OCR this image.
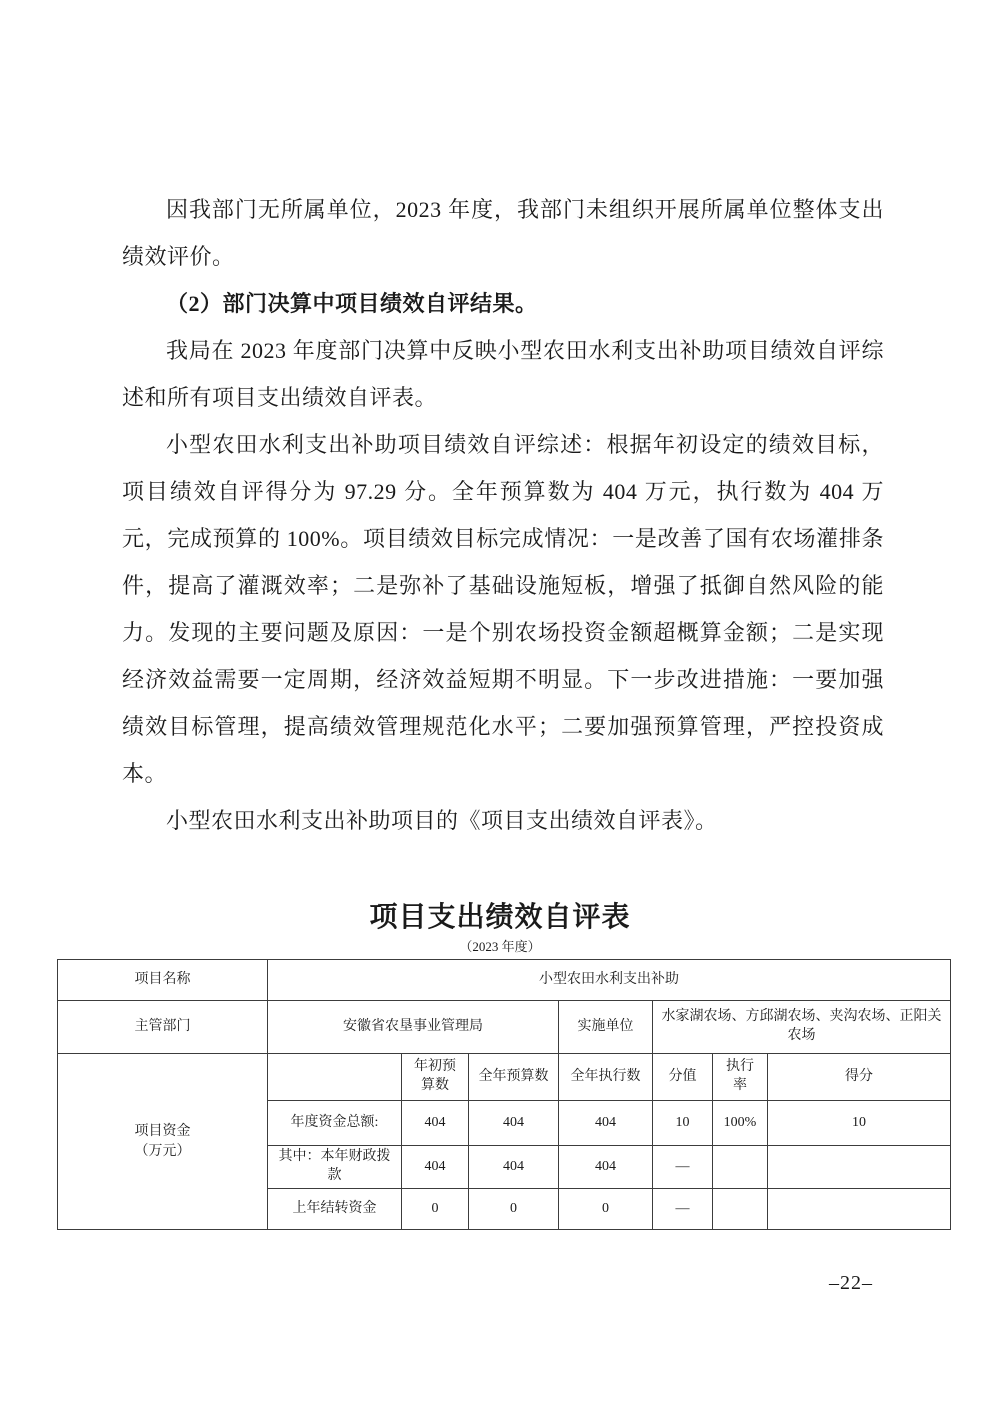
因我部门无所属单位，2023 年度，我部门未组织开展所属单位整体支出绩效评价。

（2）部门决算中项目绩效自评结果。

我局在 2023 年度部门决算中反映小型农田水利支出补助项目绩效自评综述和所有项目支出绩效自评表。

小型农田水利支出补助项目绩效自评综述：根据年初设定的绩效目标，项目绩效自评得分为 97.29 分。全年预算数为 404 万元，执行数为 404 万元，完成预算的 100%。项目绩效目标完成情况：一是改善了国有农场灌排条件，提高了灌溉效率；二是弥补了基础设施短板，增强了抵御自然风险的能力。发现的主要问题及原因：一是个别农场投资金额超概算金额；二是实现经济效益需要一定周期，经济效益短期不明显。下一步改进措施：一要加强绩效目标管理，提高绩效管理规范化水平；二要加强预算管理，严控投资成本。

小型农田水利支出补助项目的《项目支出绩效自评表》。

项目支出绩效自评表
（2023 年度）
项目名称	小型农田水利支出补助						
主管部门	安徽省农垦事业管理局			实施单位	水家湖农场、方邱湖农场、夹沟农场、正阳关农场		

项目资金
（万元）		年初预算数	全年预算数	全年执行数	分值	执行率	得分
	年度资金总额:	404	404	404	10	100%	10
	其中：本年财政拨款	404	404	404	—		
	上年结转资金	0	0	0	—		
–22–
